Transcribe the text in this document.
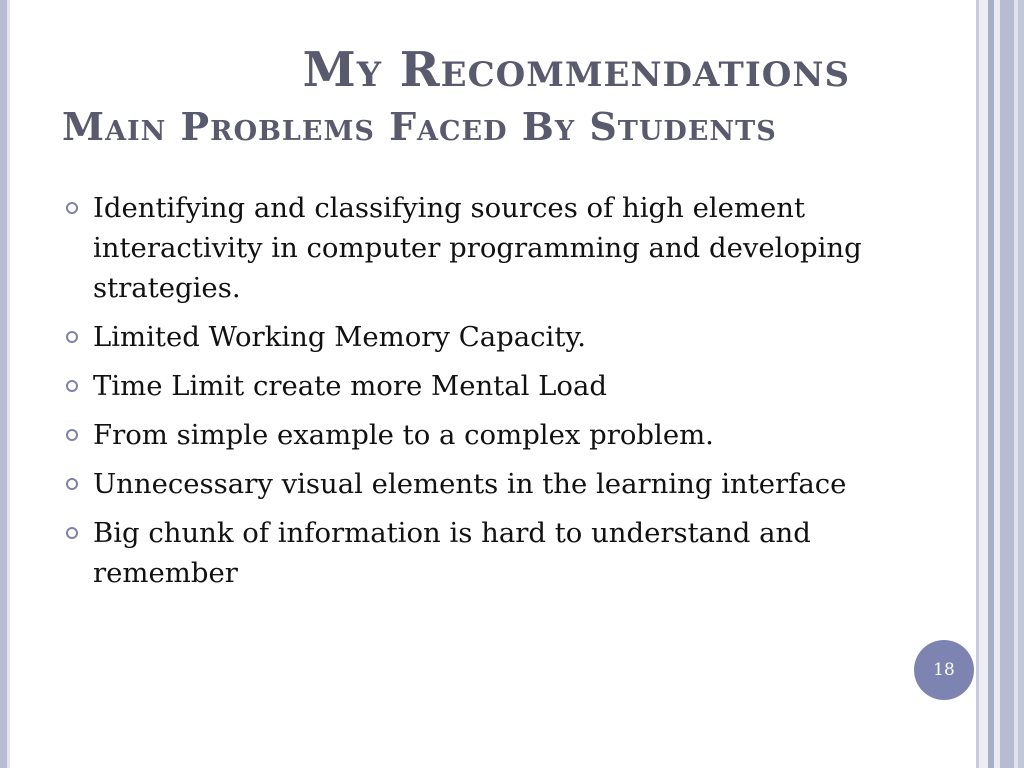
My Recommendations
Main Problems Faced By Students
Identifying and classifying sources of high element interactivity in computer programming and developing strategies.
Limited Working Memory Capacity.
Time Limit create more Mental Load
From simple example to a complex problem.
Unnecessary visual elements in the learning interface
Big chunk of information is hard to understand and remember
18
